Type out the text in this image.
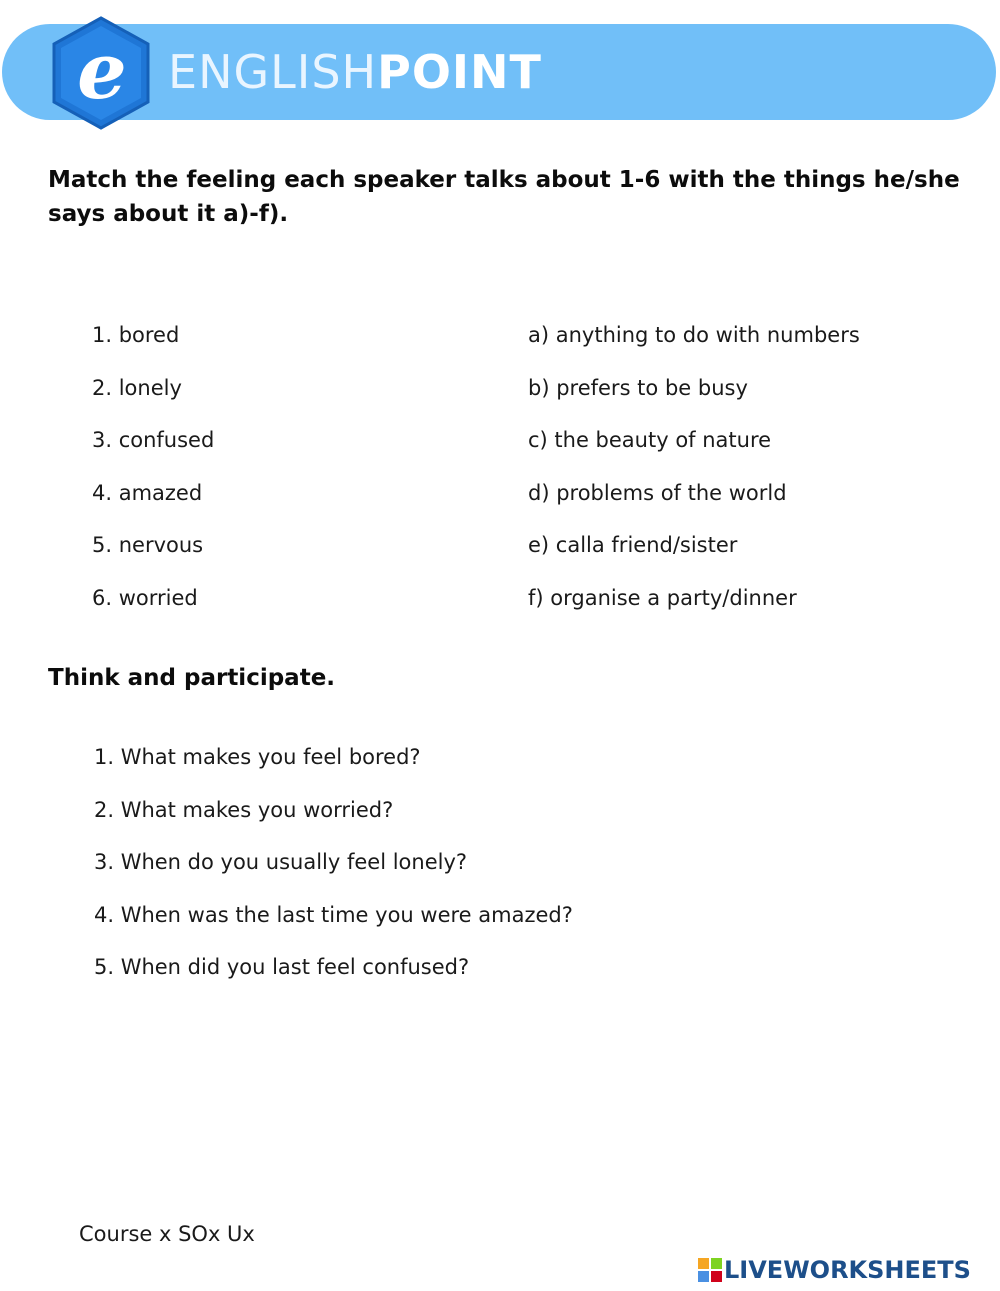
e ENGLISHPOINT
Match the feeling each speaker talks about 1-6 with the things he/she says about it a)-f).
1. bored
2. lonely
3. confused
4. amazed
5. nervous
6. worried
a) anything to do with numbers
b) prefers to be busy
c) the beauty of nature
d) problems of the world
e) calla friend/sister
f) organise a party/dinner
Think and participate.
1. What makes you feel bored?
2. What makes you worried?
3. When do you usually feel lonely?
4. When was the last time you were amazed?
5. When did you last feel confused?
Course x SOx Ux
LIVEWORKSHEETS
